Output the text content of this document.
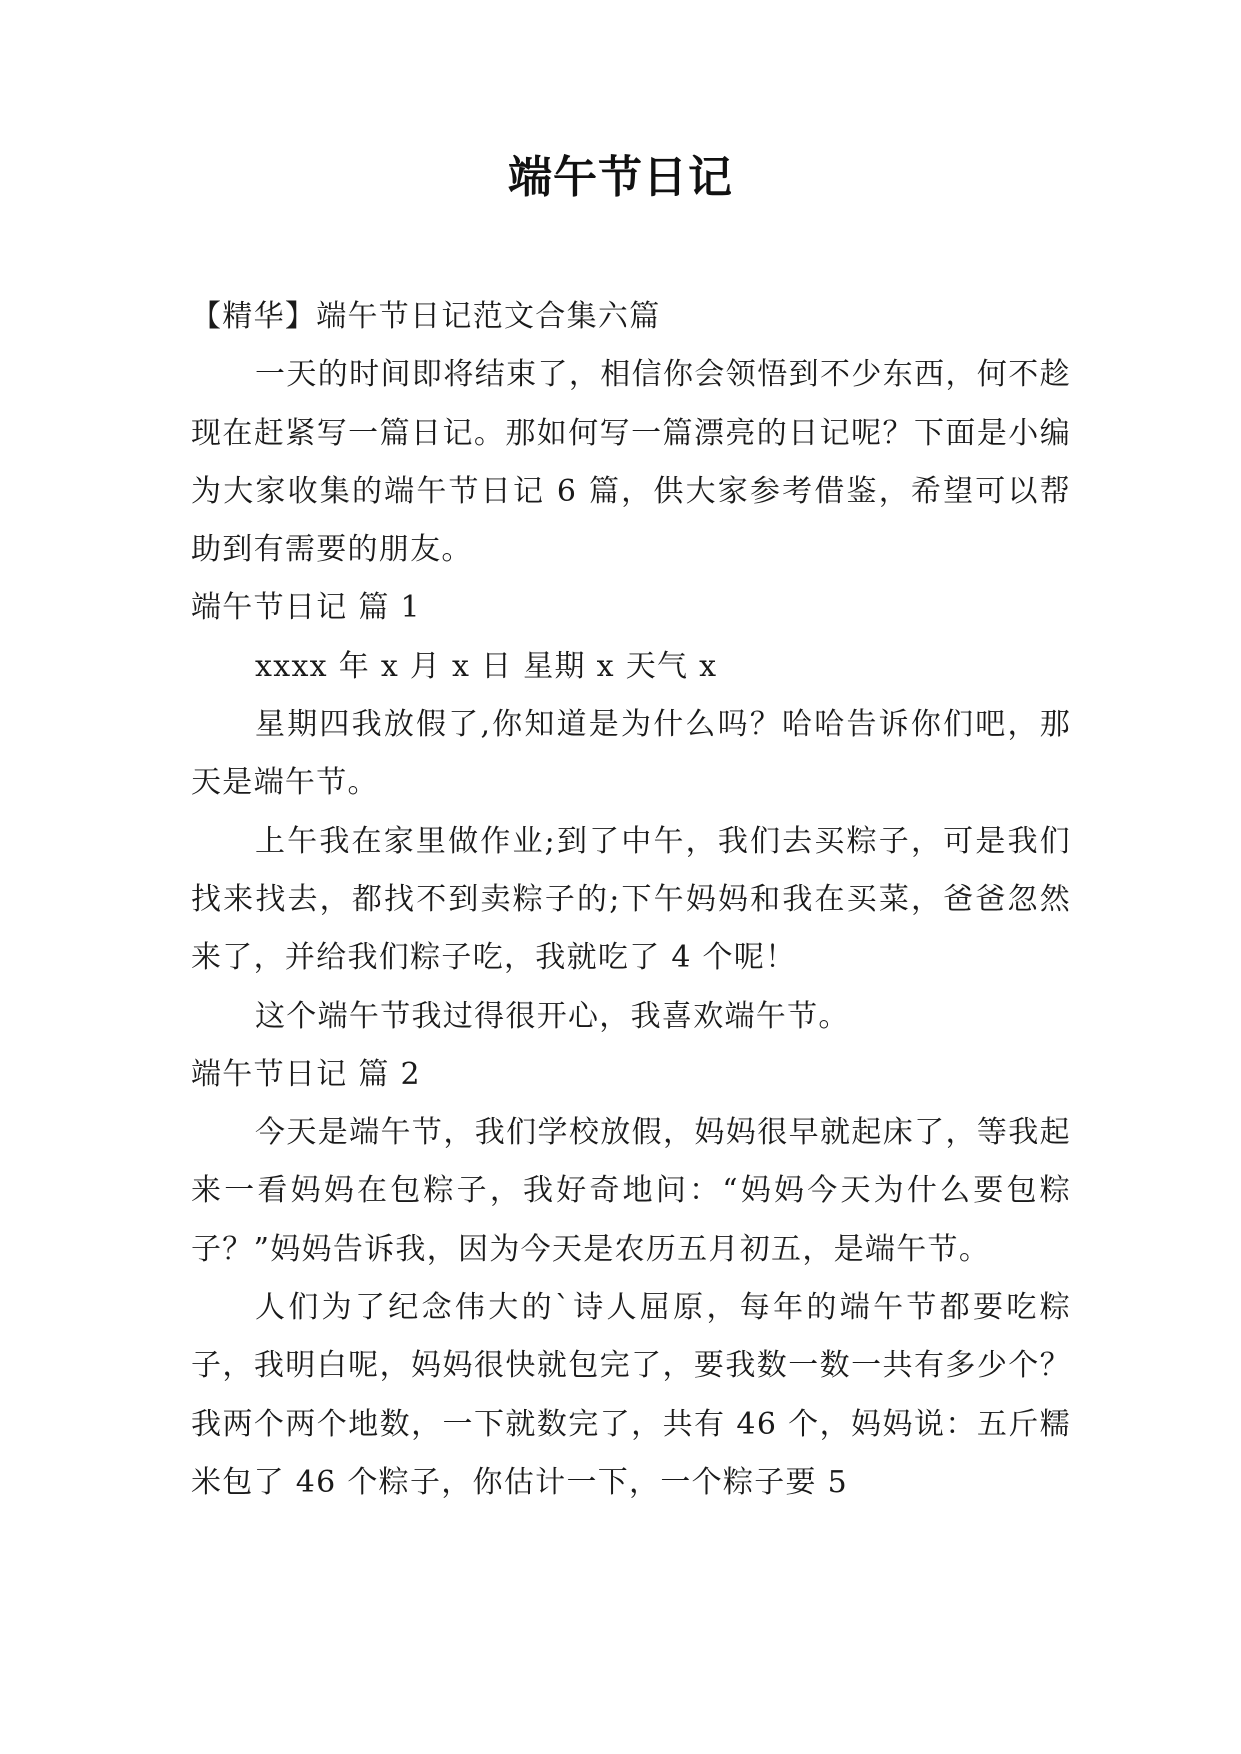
端午节日记

【精华】端午节日记范文合集六篇

一天的时间即将结束了，相信你会领悟到不少东西，何不趁现在赶紧写一篇日记。那如何写一篇漂亮的日记呢？下面是小编为大家收集的端午节日记 6 篇，供大家参考借鉴，希望可以帮助到有需要的朋友。

端午节日记 篇 1

xxxx 年 x 月 x 日 星期 x 天气 x

星期四我放假了,你知道是为什么吗？哈哈告诉你们吧，那天是端午节。

上午我在家里做作业;到了中午，我们去买粽子，可是我们找来找去，都找不到卖粽子的;下午妈妈和我在买菜，爸爸忽然来了，并给我们粽子吃，我就吃了 4 个呢！

这个端午节我过得很开心，我喜欢端午节。

端午节日记 篇 2

今天是端午节，我们学校放假，妈妈很早就起床了，等我起来一看妈妈在包粽子，我好奇地问：“妈妈今天为什么要包粽子？”妈妈告诉我，因为今天是农历五月初五，是端午节。

人们为了纪念伟大的`诗人屈原，每年的端午节都要吃粽子，我明白呢，妈妈很快就包完了，要我数一数一共有多少个？我两个两个地数，一下就数完了，共有 46 个，妈妈说：五斤糯米包了 46 个粽子，你估计一下，一个粽子要 5
